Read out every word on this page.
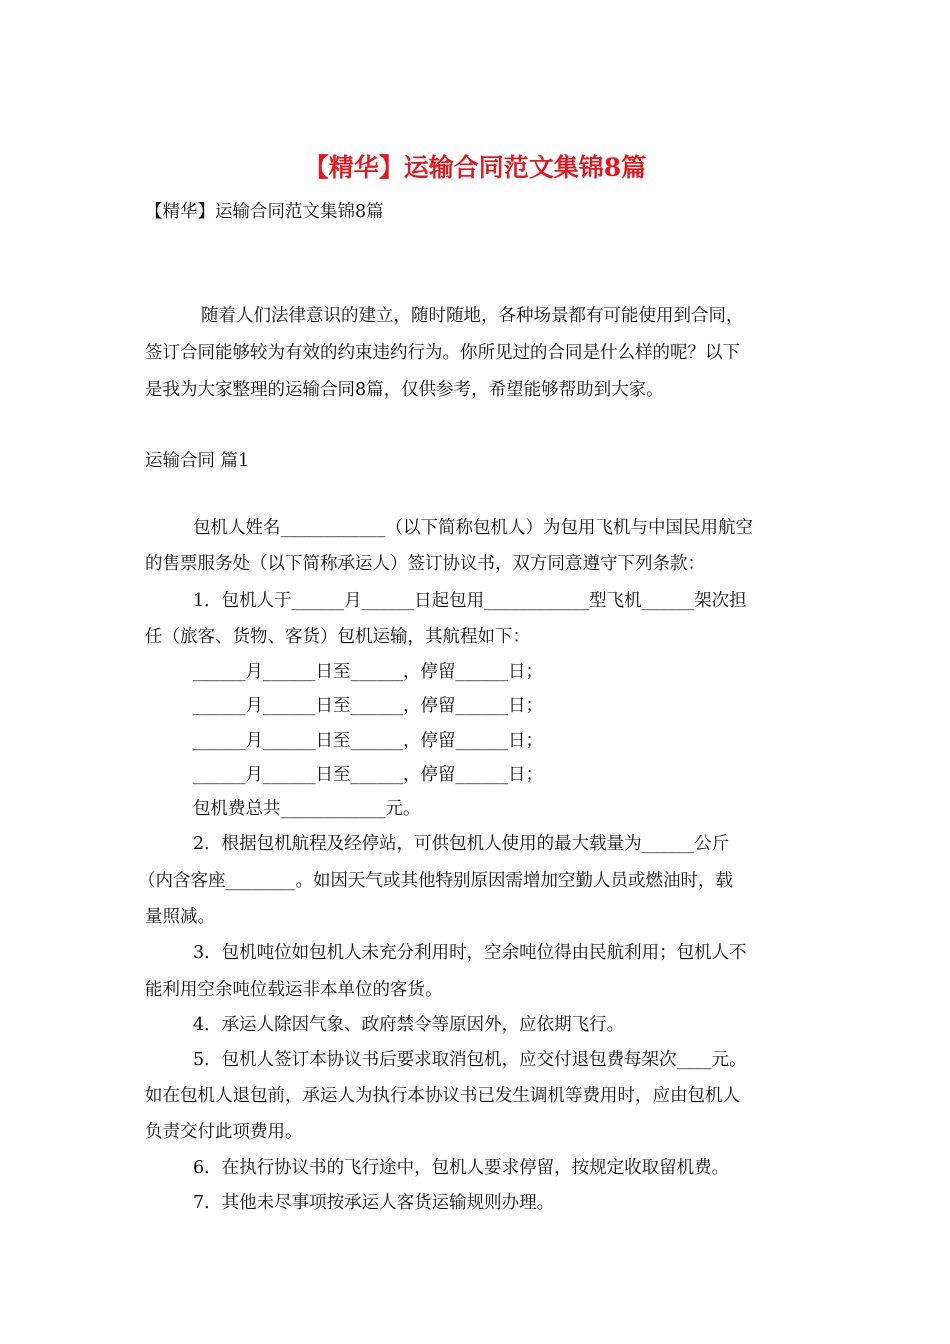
【精华】运输合同范文集锦8篇
【精华】运输合同范文集锦8篇
随着人们法律意识的建立，随时随地，各种场景都有可能使用到合同，
签订合同能够较为有效的约束违约行为。你所见过的合同是什么样的呢？以下
是我为大家整理的运输合同8篇，仅供参考，希望能够帮助到大家。
运输合同 篇1
包机人姓名____________（以下简称包机人）为包用飞机与中国民用航空
的售票服务处（以下简称承运人）签订协议书，双方同意遵守下列条款：
1．包机人于______月______日起包用____________型飞机______架次担
任（旅客、货物、客货）包机运输，其航程如下：
______月______日至______，停留______日；
______月______日至______，停留______日；
______月______日至______，停留______日；
______月______日至______，停留______日；
包机费总共____________元。
2．根据包机航程及经停站，可供包机人使用的最大载量为______公斤
（内含客座________。如因天气或其他特别原因需增加空勤人员或燃油时，载
量照减。
3．包机吨位如包机人未充分利用时，空余吨位得由民航利用；包机人不
能利用空余吨位载运非本单位的客货。
4．承运人除因气象、政府禁令等原因外，应依期飞行。
5．包机人签订本协议书后要求取消包机，应交付退包费每架次____元。
如在包机人退包前，承运人为执行本协议书已发生调机等费用时，应由包机人
负责交付此项费用。
6．在执行协议书的飞行途中，包机人要求停留，按规定收取留机费。
7．其他未尽事项按承运人客货运输规则办理。
